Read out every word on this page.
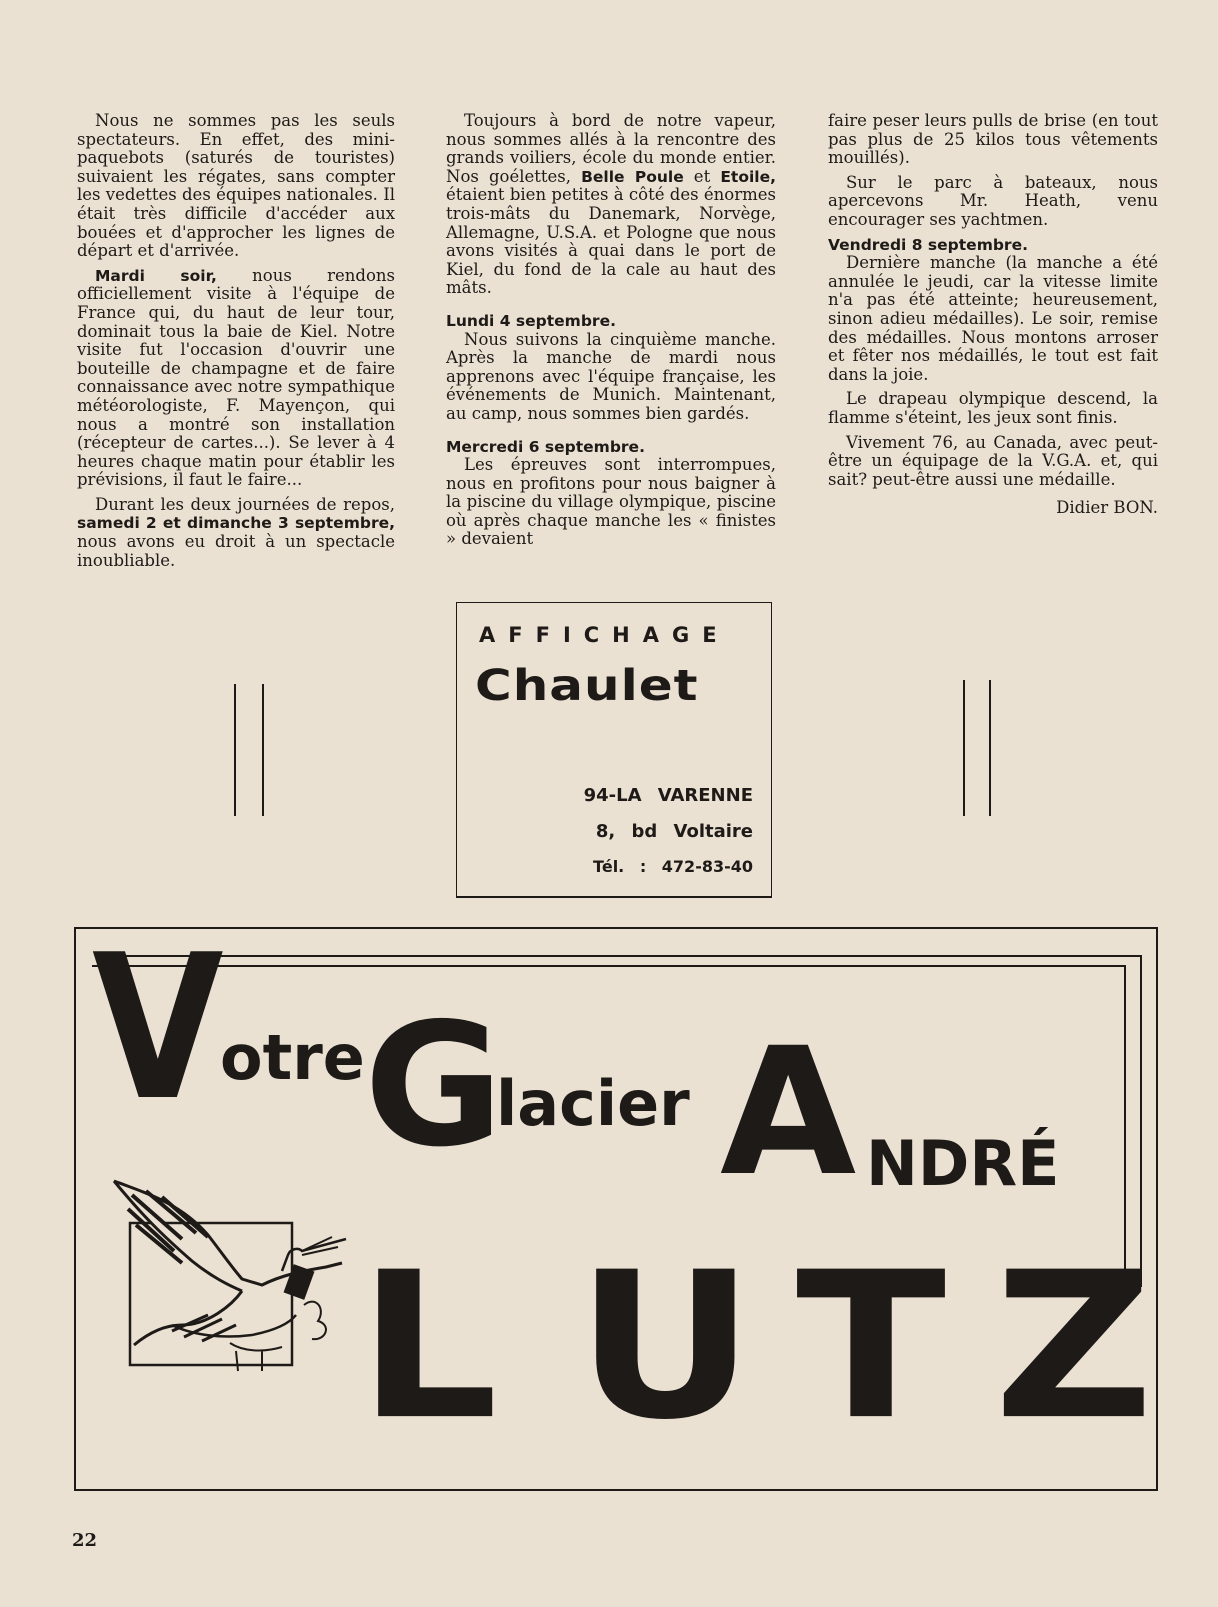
Nous ne sommes pas les seuls spectateurs. En effet, des mini-paquebots (saturés de touristes) suivaient les régates, sans compter les vedettes des équipes nationales. Il était très difficile d'accéder aux bouées et d'approcher les lignes de départ et d'arrivée.

Mardi soir, nous rendons officiellement visite à l'équipe de France qui, du haut de leur tour, dominait tous la baie de Kiel. Notre visite fut l'occasion d'ouvrir une bouteille de champagne et de faire connaissance avec notre sympathique météorologiste, F. Mayençon, qui nous a montré son installation (récepteur de cartes...). Se lever à 4 heures chaque matin pour établir les prévisions, il faut le faire...

Durant les deux journées de repos, samedi 2 et dimanche 3 septembre, nous avons eu droit à un spectacle inoubliable.

Toujours à bord de notre vapeur, nous sommes allés à la rencontre des grands voiliers, école du monde entier. Nos goélettes, Belle Poule et Etoile, étaient bien petites à côté des énormes trois-mâts du Danemark, Norvège, Allemagne, U.S.A. et Pologne que nous avons visités à quai dans le port de Kiel, du fond de la cale au haut des mâts.

Lundi 4 septembre.

Nous suivons la cinquième manche. Après la manche de mardi nous apprenons avec l'équipe française, les événements de Munich. Maintenant, au camp, nous sommes bien gardés.

Mercredi 6 septembre.

Les épreuves sont interrompues, nous en profitons pour nous baigner à la piscine du village olympique, piscine où après chaque manche les « finistes » devaient

faire peser leurs pulls de brise (en tout pas plus de 25 kilos tous vêtements mouillés).

Sur le parc à bateaux, nous apercevons Mr. Heath, venu encourager ses yachtmen.

Vendredi 8 septembre.

Dernière manche (la manche a été annulée le jeudi, car la vitesse limite n'a pas été atteinte; heureusement, sinon adieu médailles). Le soir, remise des médailles. Nous montons arroser et fêter nos médaillés, le tout est fait dans la joie.

Le drapeau olympique descend, la flamme s'éteint, les jeux sont finis.

Vivement 76, au Canada, avec peut-être un équipage de la V.G.A. et, qui sait? peut-être aussi une médaille.

Didier BON.

AFFICHAGE
Chaulet
94-LA VARENNE
8, bd Voltaire
Tél. : 472-83-40
V
otre G
lacier A NDRÉ
L U T Z
22
